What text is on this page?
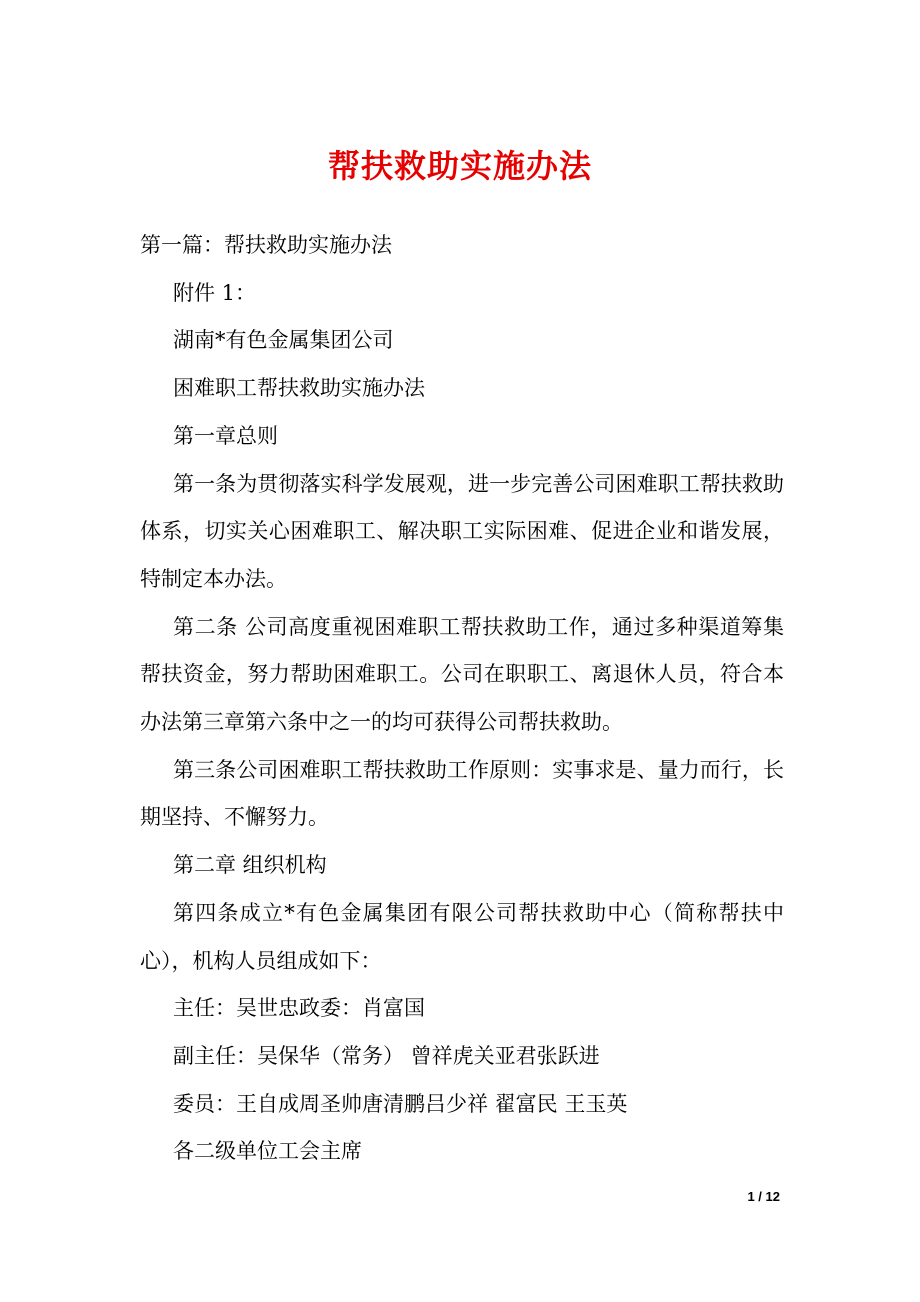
帮扶救助实施办法

第一篇：帮扶救助实施办法

附件 1：

湖南*有色金属集团公司

困难职工帮扶救助实施办法

第一章总则

第一条为贯彻落实科学发展观，进一步完善公司困难职工帮扶救助体系，切实关心困难职工、解决职工实际困难、促进企业和谐发展，特制定本办法。

第二条 公司高度重视困难职工帮扶救助工作，通过多种渠道筹集帮扶资金，努力帮助困难职工。公司在职职工、离退休人员，符合本办法第三章第六条中之一的均可获得公司帮扶救助。

第三条公司困难职工帮扶救助工作原则：实事求是、量力而行，长期坚持、不懈努力。

第二章 组织机构

第四条成立*有色金属集团有限公司帮扶救助中心（简称帮扶中心），机构人员组成如下：

主任：吴世忠政委：肖富国

副主任：吴保华（常务） 曾祥虎关亚君张跃进

委员：王自成周圣帅唐清鹏吕少祥 翟富民 王玉英

各二级单位工会主席

1 / 12
